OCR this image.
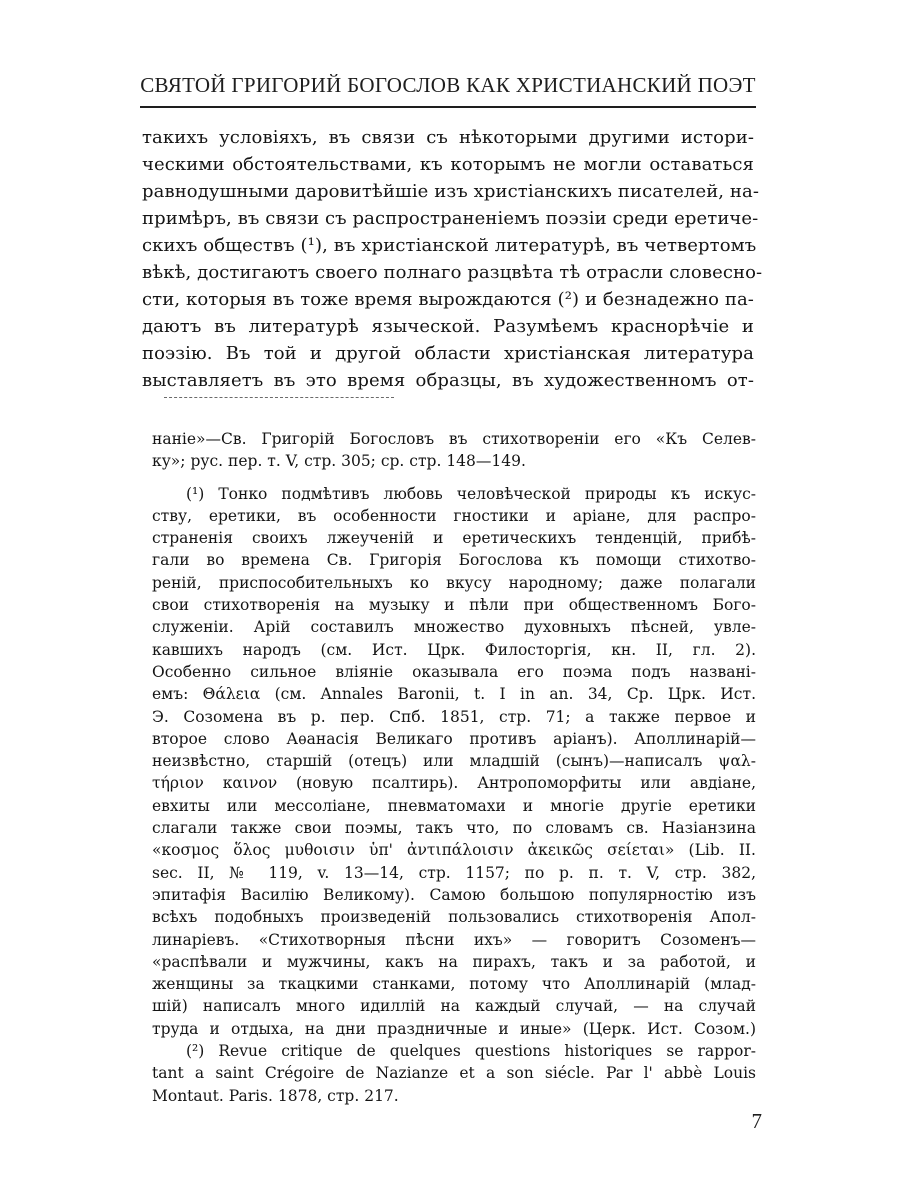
СВЯТОЙ ГРИГОРИЙ БОГОСЛОВ КАК ХРИСТИАНСКИЙ ПОЭТ
такихъ условіяхъ, въ связи съ нѣкоторыми другими истори-
ческими обстоятельствами, къ которымъ не могли оставаться
равнодушными даровитѣйшіе изъ христіанскихъ писателей, на-
примѣръ, въ связи съ распространеніемъ поэзіи среди еретиче-
скихъ обществъ (¹), въ христіанской литературѣ, въ четвертомъ
вѣкѣ, достигаютъ своего полнаго разцвѣта тѣ отрасли словесно-
сти, которыя въ тоже время вырождаются (²) и безнадежно па-
даютъ въ литературѣ языческой. Разумѣемъ краснорѣчіе и
поэзію. Въ той и другой области христіанская литература
выставляетъ въ это время образцы, въ художественномъ от-
наніе»—Св. Григорій Богословъ въ стихотвореніи его «Къ Селев-
ку»; рус. пер. т. V, стр. 305; ср. стр. 148—149.
(¹) Тонко подмѣтивъ любовь человѣческой природы къ искус-
ству, еретики, въ особенности гностики и аріане, для распро-
страненія своихъ лжеученій и еретическихъ тенденцій, прибѣ-
гали во времена Св. Григорія Богослова къ помощи стихотво-
реній, приспособительныхъ ко вкусу народному; даже полагали
свои стихотворенія на музыку и пѣли при общественномъ Бого-
служеніи. Арій составилъ множество духовныхъ пѣсней, увле-
кавшихъ народъ (см. Ист. Црк. Филосторгія, кн. II, гл. 2).
Особенно сильное вліяніе оказывала его поэма подъ названі-
емъ: Θάλεια (см. Annales Baronii, t. I in an. 34, Ср. Црк. Ист.
Э. Созомена въ р. пер. Спб. 1851, стр. 71; а также первое и
второе слово Аѳанасія Великаго противъ аріанъ). Аполлинарій—
неизвѣстно, старшій (отецъ) или младшій (сынъ)—написалъ ψαλ-
τήριον καινον (новую псалтирь). Антропоморфиты или авдіане,
евхиты или мессоліане, пневматомахи и многіе другіе еретики
слагали также свои поэмы, такъ что, по словамъ св. Назіанзина
«κοσμος ὅλος μυθοισιν ὑπ' ἀντιπάλοισιν ἀκεικῶς σείεται» (Lib. II.
sec. II, № 119, v. 13—14, стр. 1157; по р. п. т. V, стр. 382,
эпитафія Василію Великому). Самою большою популярностію изъ
всѣхъ подобныхъ произведеній пользовались стихотворенія Апол-
линаріевъ. «Стихотворныя пѣсни ихъ» — говоритъ Созоменъ—
«распѣвали и мужчины, какъ на пирахъ, такъ и за работой, и
женщины за ткацкими станками, потому что Аполлинарій (млад-
шій) написалъ много идиллій на каждый случай, — на случай
труда и отдыха, на дни праздничные и иные» (Церк. Ист. Созом.)
(²) Revue critique de quelques questions historiques se rappor-
tant a saint Crégoire de Nazianze et a son siécle. Par l' abbè Louis
Montaut. Paris. 1878, стр. 217.
7
